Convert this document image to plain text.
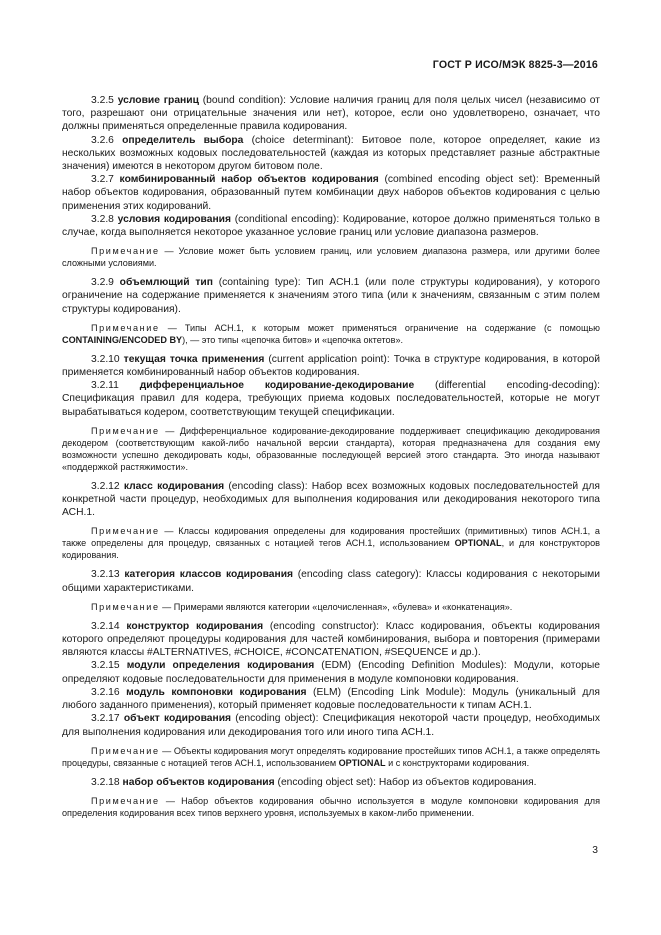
ГОСТ Р ИСО/МЭК 8825-3—2016

3.2.5 условие границ (bound condition): Условие наличия границ для поля целых чисел (независимо от того, разрешают они отрицательные значения или нет), которое, если оно удовлетворено, означает, что должны применяться определенные правила кодирования.

3.2.6 определитель выбора (choice determinant): Битовое поле, которое определяет, какие из нескольких возможных кодовых последовательностей (каждая из которых представляет разные абстрактные значения) имеются в некотором другом битовом поле.

3.2.7 комбинированный набор объектов кодирования (combined encoding object set): Временный набор объектов кодирования, образованный путем комбинации двух наборов объектов кодирования с целью применения этих кодирований.

3.2.8 условия кодирования (conditional encoding): Кодирование, которое должно применяться только в случае, когда выполняется некоторое указанное условие границ или условие диапазона размеров.

Примечание — Условие может быть условием границ, или условием диапазона размера, или другими более сложными условиями.

3.2.9 объемлющий тип (containing type): Тип АСН.1 (или поле структуры кодирования), у которого ограничение на содержание применяется к значениям этого типа (или к значениям, связанным с этим полем структуры кодирования).

Примечание — Типы АСН.1, к которым может применяться ограничение на содержание (с помощью CONTAINING/ENCODED BY), — это типы «цепочка битов» и «цепочка октетов».

3.2.10 текущая точка применения (current application point): Точка в структуре кодирования, в которой применяется комбинированный набор объектов кодирования.

3.2.11 дифференциальное кодирование-декодирование (differential encoding-decoding): Спецификация правил для кодера, требующих приема кодовых последовательностей, которые не могут вырабатываться кодером, соответствующим текущей спецификации.

Примечание — Дифференциальное кодирование-декодирование поддерживает спецификацию декодирования декодером (соответствующим какой-либо начальной версии стандарта), которая предназначена для создания ему возможности успешно декодировать коды, образованные последующей версией этого стандарта. Это иногда называют «поддержкой растяжимости».

3.2.12 класс кодирования (encoding class): Набор всех возможных кодовых последовательностей для конкретной части процедур, необходимых для выполнения кодирования или декодирования некоторого типа АСН.1.

Примечание — Классы кодирования определены для кодирования простейших (примитивных) типов АСН.1, а также определены для процедур, связанных с нотацией тегов АСН.1, использованием OPTIONAL, и для конструкторов кодирования.

3.2.13 категория классов кодирования (encoding class category): Классы кодирования с некоторыми общими характеристиками.

Примечание — Примерами являются категории «целочисленная», «булева» и «конкатенация».

3.2.14 конструктор кодирования (encoding constructor): Класс кодирования, объекты кодирования которого определяют процедуры кодирования для частей комбинирования, выбора и повторения (примерами являются классы #ALTERNATIVES, #CHOICE, #CONCATENATION, #SEQUENCE и др.).

3.2.15 модули определения кодирования (EDM) (Encoding Definition Modules): Модули, которые определяют кодовые последовательности для применения в модуле компоновки кодирования.

3.2.16 модуль компоновки кодирования (ELM) (Encoding Link Module): Модуль (уникальный для любого заданного применения), который применяет кодовые последовательности к типам АСН.1.

3.2.17 объект кодирования (encoding object): Спецификация некоторой части процедур, необходимых для выполнения кодирования или декодирования того или иного типа АСН.1.

Примечание — Объекты кодирования могут определять кодирование простейших типов АСН.1, а также определять процедуры, связанные с нотацией тегов АСН.1, использованием OPTIONAL и с конструкторами кодирования.

3.2.18 набор объектов кодирования (encoding object set): Набор из объектов кодирования.

Примечание — Набор объектов кодирования обычно используется в модуле компоновки кодирования для определения кодирования всех типов верхнего уровня, используемых в каком-либо применении.

3
